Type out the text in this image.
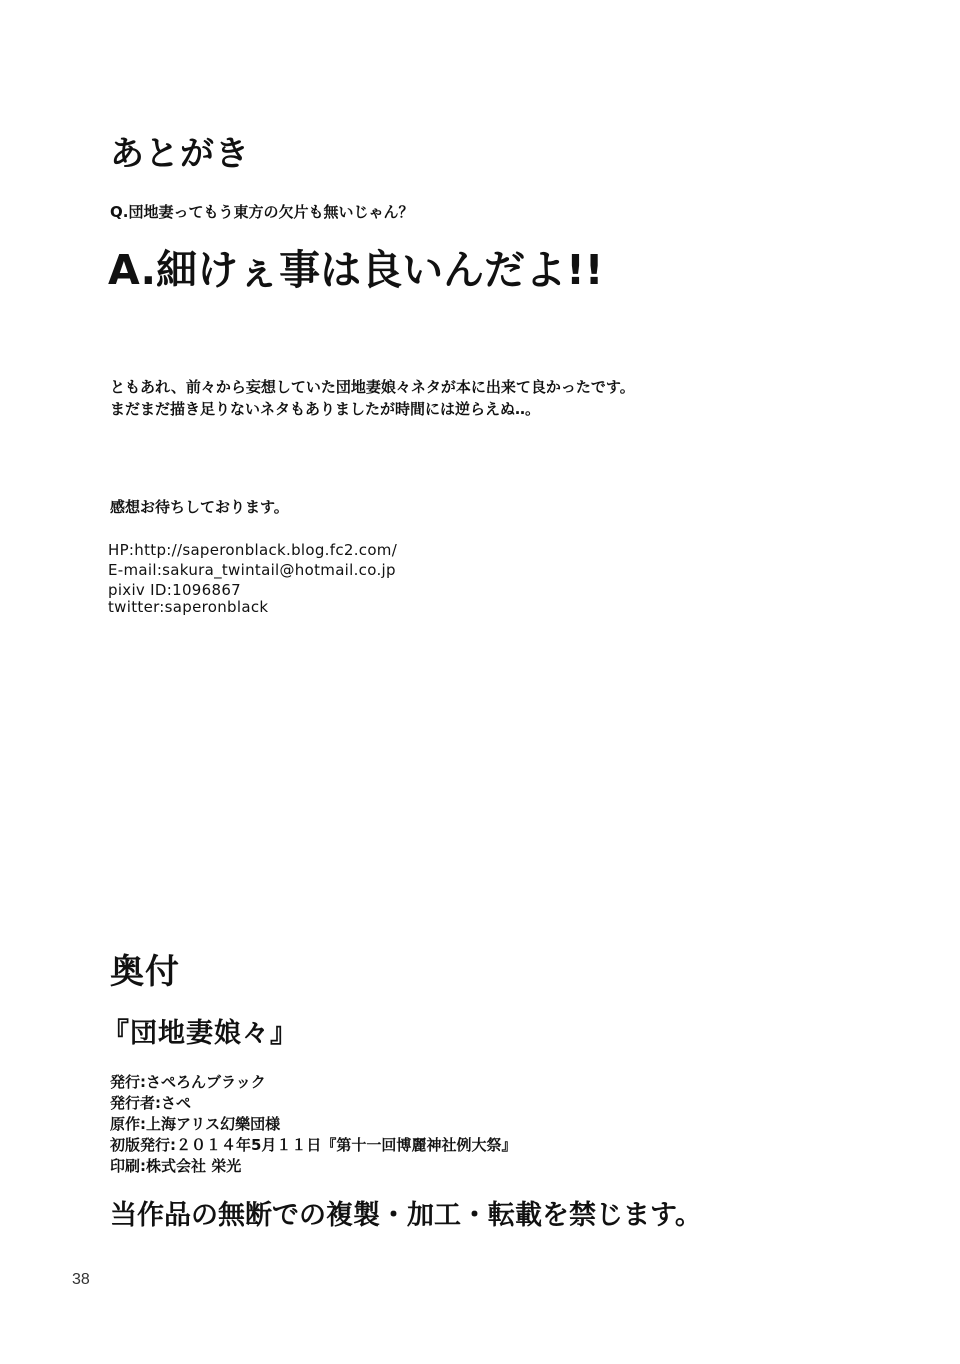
あとがき
Q.団地妻ってもう東方の欠片も無いじゃん？
A.細けぇ事は良いんだよ!!
ともあれ、前々から妄想していた団地妻娘々ネタが本に出来て良かったです。
まだまだ描き足りないネタもありましたが時間には逆らえぬ‥。
感想お待ちしております。
HP:http://saperonblack.blog.fc2.com/
E-mail:sakura_twintail@hotmail.co.jp
pixiv ID:1096867
twitter:saperonblack
奥付
『団地妻娘々』
発行:さぺろんブラック
発行者:さぺ
原作:上海アリス幻樂団様
初版発行:２０１４年5月１１日『第十一回博麗神社例大祭』
印刷:株式会社 栄光
当作品の無断での複製・加工・転載を禁じます。
38
